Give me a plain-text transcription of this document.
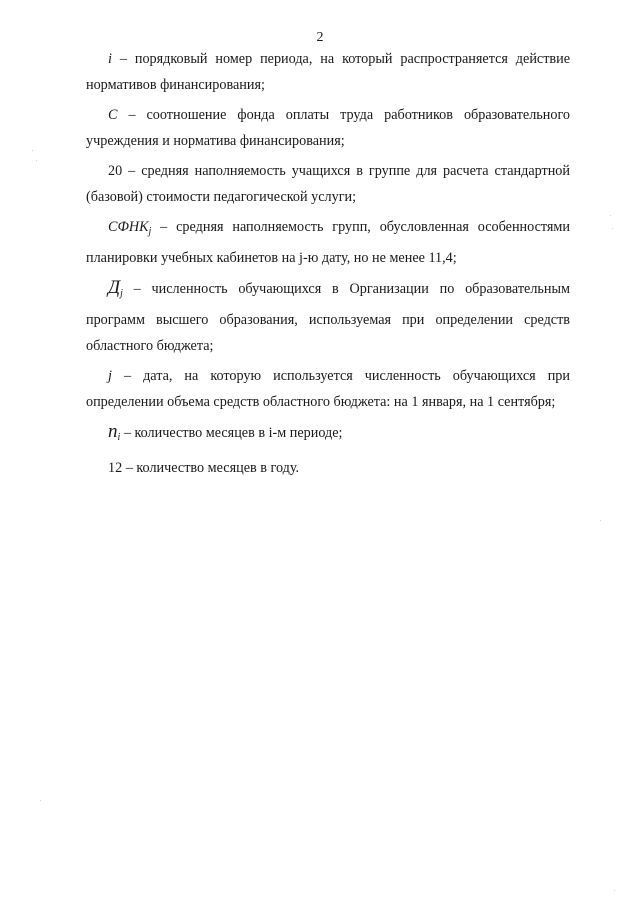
2

i – порядковый номер периода, на который распространяется действие нормативов финансирования;

C – соотношение фонда оплаты труда работников образовательного учреждения и норматива финансирования;

20 – средняя наполняемость учащихся в группе для расчета стандартной (базовой) стоимости педагогической услуги;

$СФНК_j$ – средняя наполняемость групп, обусловленная особенностями планировки учебных кабинетов на j-ю дату, но не менее 11,4;

$Д_j$ – численность обучающихся в Организации по образовательным программ высшего образования, используемая при определении средств областного бюджета;

j – дата, на которую используется численность обучающихся при определении объема средств областного бюджета: на 1 января, на 1 сентября;

$n_i$ – количество месяцев в i-м периоде;

12 – количество месяцев в году.
